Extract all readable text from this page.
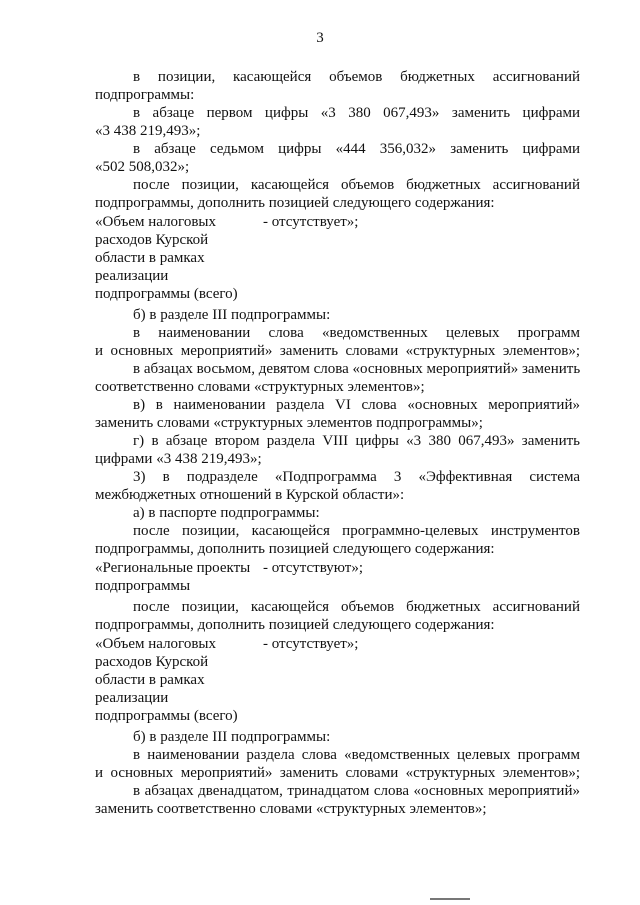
3
в позиции, касающейся объемов бюджетных ассигнований
подпрограммы:
в абзаце первом цифры «3 380 067,493» заменить цифрами
«3 438 219,493»;
в абзаце седьмом цифры «444 356,032» заменить цифрами
«502 508,032»;
после позиции, касающейся объемов бюджетных ассигнований
подпрограммы, дополнить позицией следующего содержания:
«Объем налоговых
расходов Курской
области в рамках
реализации
подпрограммы (всего)
- отсутствует»;
б) в разделе III подпрограммы:
в наименовании слова «ведомственных целевых программ
и основных мероприятий» заменить словами «структурных элементов»;
в абзацах восьмом, девятом слова «основных мероприятий» заменить
соответственно словами «структурных элементов»;
в) в наименовании раздела VI слова «основных мероприятий»
заменить словами «структурных элементов подпрограммы»;
г) в абзаце втором раздела VIII цифры «3 380 067,493» заменить
цифрами «3 438 219,493»;
3) в подразделе «Подпрограмма 3 «Эффективная система
межбюджетных отношений в Курской области»:
а) в паспорте подпрограммы:
после позиции, касающейся программно-целевых инструментов
подпрограммы, дополнить позицией следующего содержания:
«Региональные проекты
подпрограммы
- отсутствуют»;
после позиции, касающейся объемов бюджетных ассигнований
подпрограммы, дополнить позицией следующего содержания:
«Объем налоговых
расходов Курской
области в рамках
реализации
подпрограммы (всего)
- отсутствует»;
б) в разделе III подпрограммы:
в наименовании раздела слова «ведомственных целевых программ
и основных мероприятий» заменить словами «структурных элементов»;
в абзацах двенадцатом, тринадцатом слова «основных мероприятий»
заменить соответственно словами «структурных элементов»;
